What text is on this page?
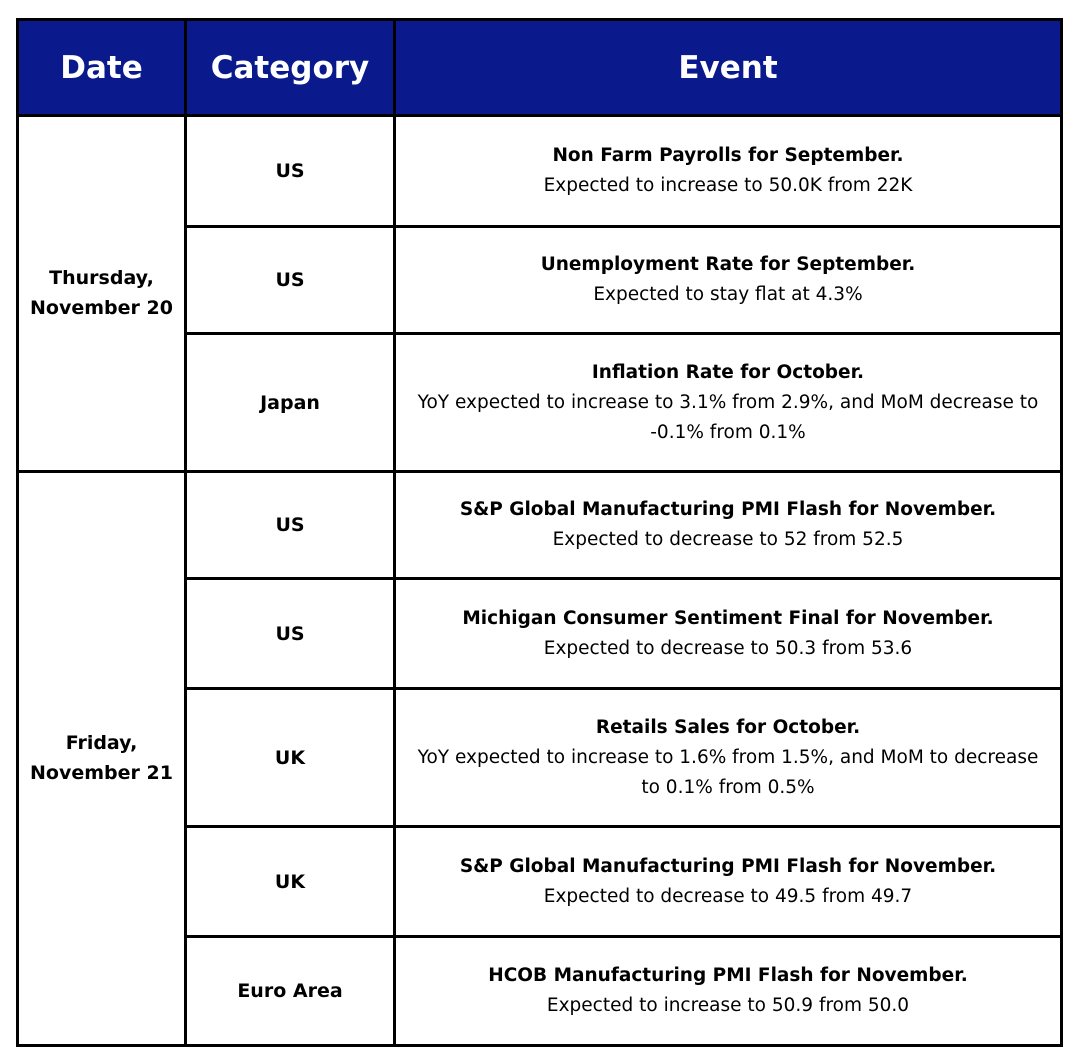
Date	Category	Event
Thursday, November 20	US	Non Farm Payrolls for September.
Expected to increase to 50.0K from 22K

	US	Unemployment Rate for September.
Expected to stay flat at 4.3%

	Japan	Inflation Rate for October.
YoY expected to increase to 3.1% from 2.9%, and MoM decrease to -0.1% from 0.1%

Friday, November 21	US	S&P Global Manufacturing PMI Flash for November.
Expected to decrease to 52 from 52.5

	US	Michigan Consumer Sentiment Final for November.
Expected to decrease to 50.3 from 53.6

	UK	Retails Sales for October.
YoY expected to increase to 1.6% from 1.5%, and MoM to decrease to 0.1% from 0.5%

	UK	S&P Global Manufacturing PMI Flash for November.
Expected to decrease to 49.5 from 49.7

	Euro Area	HCOB Manufacturing PMI Flash for November.
Expected to increase to 50.9 from 50.0
